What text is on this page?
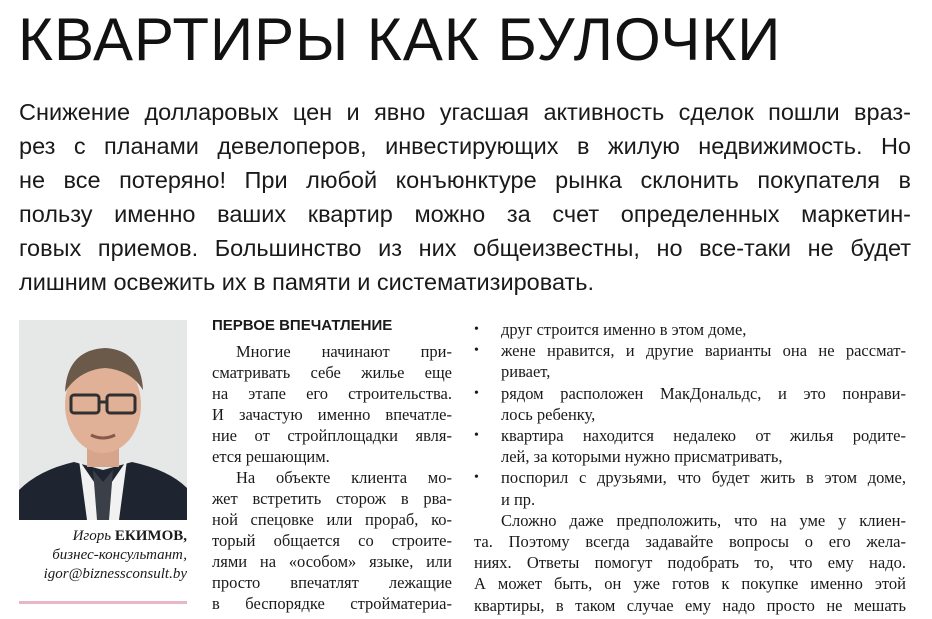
КВАРТИРЫ КАК БУЛОЧКИ
Снижение долларовых цен и явно угасшая активность сделок пошли враз-
рез с планами девелоперов, инвестирующих в жилую недвижимость. Но
не все потеряно! При любой конъюнктуре рынка склонить покупателя в
пользу именно ваших квартир можно за счет определенных маркетин-
говых приемов. Большинство из них общеизвестны, но все-таки не будет
лишним освежить их в памяти и систематизировать.
Игорь ЕКИМОВ,
бизнес-консультант,
igor@biznessconsult.by
ПЕРВОЕ ВПЕЧАТЛЕНИЕ
Многие начинают при-
сматривать себе жилье еще
на этапе его строительства.
И зачастую именно впечатле-
ние от стройплощадки явля-
ется решающим.
На объекте клиента мо-
жет встретить сторож в рва-
ной спецовке или прораб, ко-
торый общается со строите-
лями на «особом» языке, или
просто впечатлят лежащие
в беспорядке стройматериа-
•	друг строится именно в этом доме,
•	жене нравится, и другие варианты она не рассмат-
ривает,
•	рядом расположен МакДональдс, и это понрави-
лось ребенку,
•	квартира находится недалеко от жилья родите-
лей, за которыми нужно присматривать,
•	поспорил с друзьями, что будет жить в этом доме,
и пр.
Сложно даже предположить, что на уме у клиен-
та. Поэтому всегда задавайте вопросы о его жела-
ниях. Ответы помогут подобрать то, что ему надо.
А может быть, он уже готов к покупке именно этой
квартиры, в таком случае ему надо просто не мешать
